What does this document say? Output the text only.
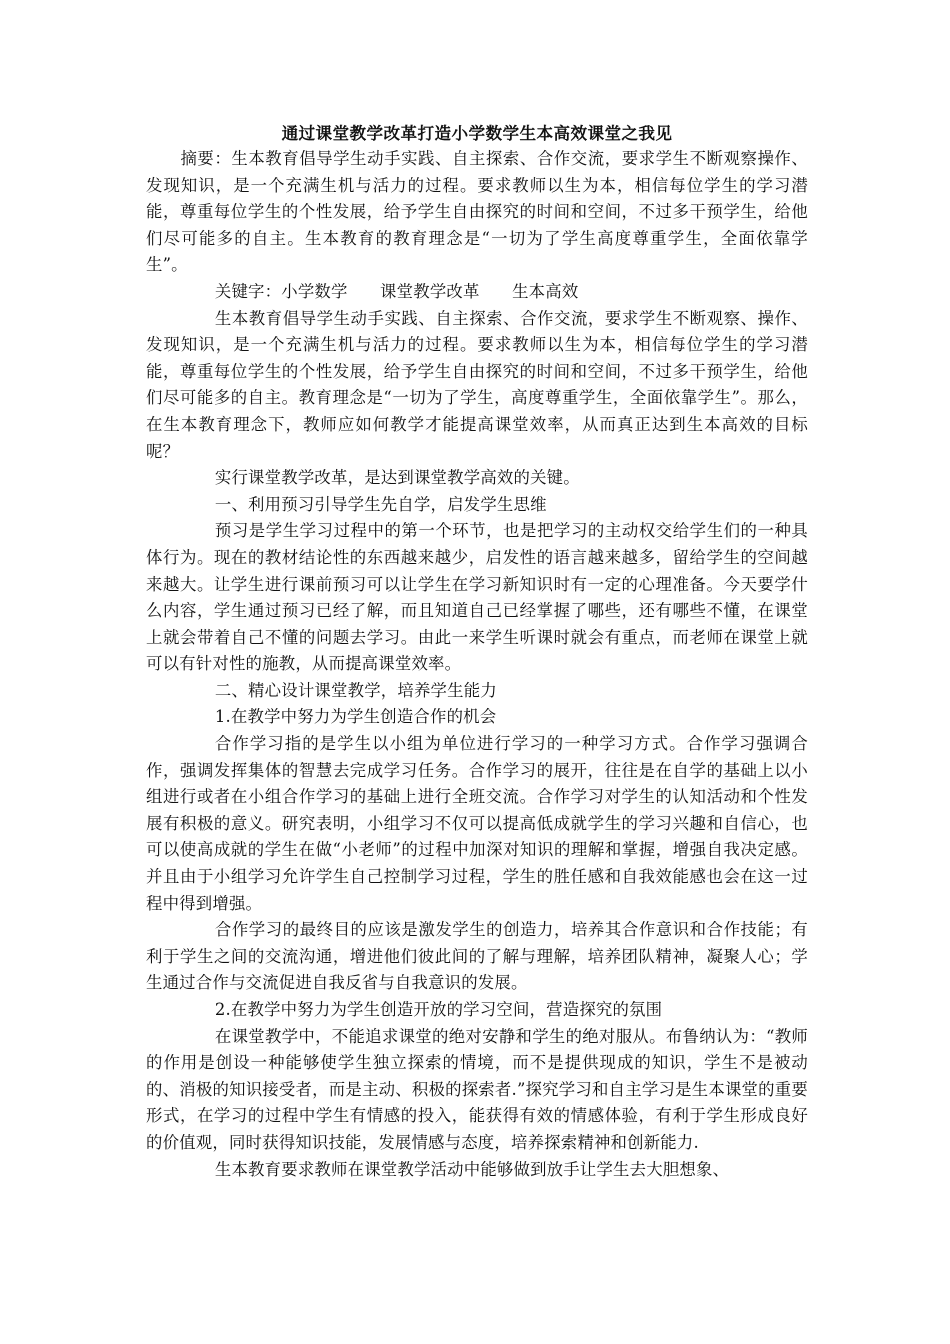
通过课堂教学改革打造小学数学生本高效课堂之我见

摘要：生本教育倡导学生动手实践、自主探索、合作交流，要求学生不断观察操作、发现知识，是一个充满生机与活力的过程。要求教师以生为本，相信每位学生的学习潜能，尊重每位学生的个性发展，给予学生自由探究的时间和空间，不过多干预学生，给他们尽可能多的自主。生本教育的教育理念是“一切为了学生高度尊重学生，全面依靠学生”。

关键字：小学数学      课堂教学改革      生本高效

生本教育倡导学生动手实践、自主探索、合作交流，要求学生不断观察、操作、发现知识，是一个充满生机与活力的过程。要求教师以生为本，相信每位学生的学习潜能，尊重每位学生的个性发展，给予学生自由探究的时间和空间，不过多干预学生，给他们尽可能多的自主。教育理念是“一切为了学生，高度尊重学生，全面依靠学生”。那么，在生本教育理念下，教师应如何教学才能提高课堂效率，从而真正达到生本高效的目标呢？

实行课堂教学改革，是达到课堂教学高效的关键。

一、利用预习引导学生先自学，启发学生思维

预习是学生学习过程中的第一个环节，也是把学习的主动权交给学生们的一种具体行为。现在的教材结论性的东西越来越少，启发性的语言越来越多，留给学生的空间越来越大。让学生进行课前预习可以让学生在学习新知识时有一定的心理准备。今天要学什么内容，学生通过预习已经了解，而且知道自己已经掌握了哪些，还有哪些不懂，在课堂上就会带着自己不懂的问题去学习。由此一来学生听课时就会有重点，而老师在课堂上就可以有针对性的施教，从而提高课堂效率。

二、精心设计课堂教学，培养学生能力

1.在教学中努力为学生创造合作的机会

合作学习指的是学生以小组为单位进行学习的一种学习方式。合作学习强调合作，强调发挥集体的智慧去完成学习任务。合作学习的展开，往往是在自学的基础上以小组进行或者在小组合作学习的基础上进行全班交流。合作学习对学生的认知活动和个性发展有积极的意义。研究表明，小组学习不仅可以提高低成就学生的学习兴趣和自信心，也可以使高成就的学生在做“小老师”的过程中加深对知识的理解和掌握，增强自我决定感。并且由于小组学习允许学生自己控制学习过程，学生的胜任感和自我效能感也会在这一过程中得到增强。

合作学习的最终目的应该是激发学生的创造力，培养其合作意识和合作技能；有利于学生之间的交流沟通，增进他们彼此间的了解与理解，培养团队精神，凝聚人心；学生通过合作与交流促进自我反省与自我意识的发展。

2.在教学中努力为学生创造开放的学习空间，营造探究的氛围

在课堂教学中，不能追求课堂的绝对安静和学生的绝对服从。布鲁纳认为：“教师的作用是创设一种能够使学生独立探索的情境，而不是提供现成的知识，学生不是被动的、消极的知识接受者，而是主动、积极的探索者.”探究学习和自主学习是生本课堂的重要形式，在学习的过程中学生有情感的投入，能获得有效的情感体验，有利于学生形成良好的价值观，同时获得知识技能，发展情感与态度，培养探索精神和创新能力.

生本教育要求教师在课堂教学活动中能够做到放手让学生去大胆想象、
